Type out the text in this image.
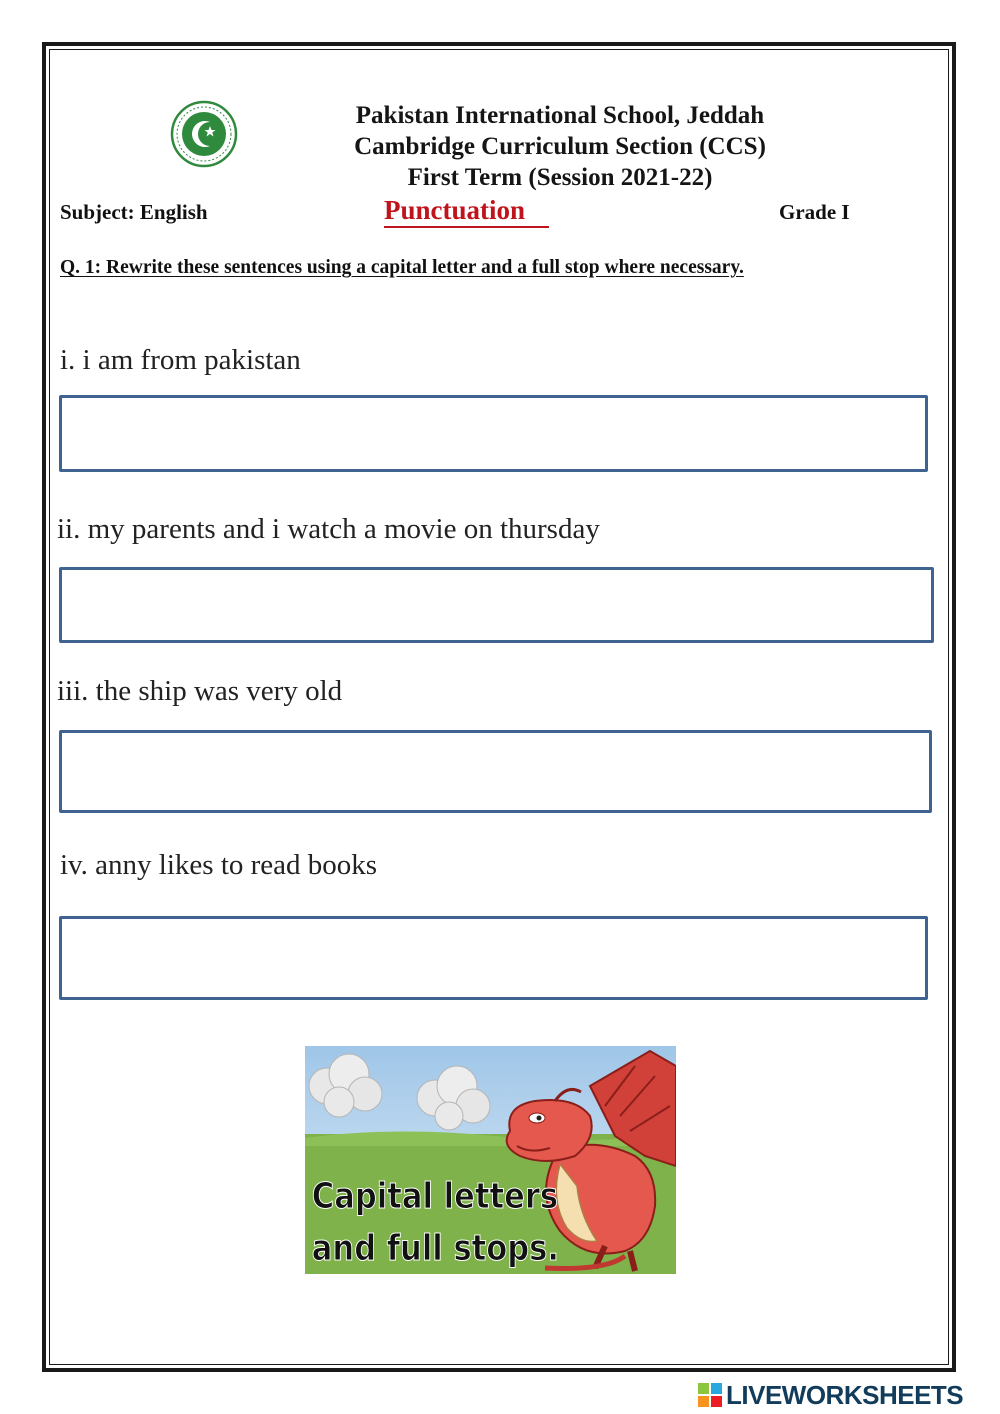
Pakistan International School, Jeddah
Cambridge Curriculum Section (CCS)
First Term (Session 2021-22)
Subject: English	Punctuation	Grade I
Q. 1: Rewrite these sentences using a capital letter and a full stop where necessary.
i. i am from pakistan
ii. my parents and i watch a movie on thursday
iii. the ship was very old
iv. anny likes to read books
Capital letters
and full stops.
LIVEWORKSHEETS
